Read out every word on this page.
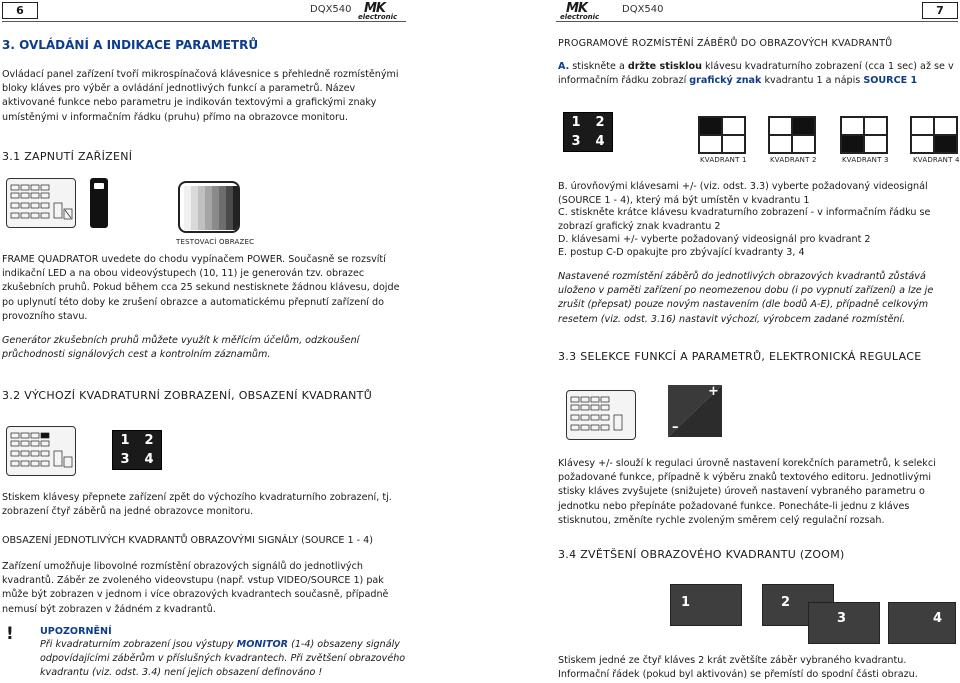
6	DQX540 MK
electronic
MK
electronic
DQX540	7
3. OVLÁDÁNÍ A INDIKACE PARAMETRŮ
Ovládací panel zařízení tvoří mikrospínačová klávesnice s přehledně rozmístěnými bloky kláves pro výběr a ovládání jednotlivých funkcí a parametrů. Název aktivované funkce nebo parametru je indikován textovými a grafickými znaky umístěnými v informačním řádku (pruhu) přímo na obrazovce monitoru.
3.1 ZAPNUTÍ ZAŘÍZENÍ
TESTOVACÍ OBRAZEC
FRAME QUADRATOR uvedete do chodu vypínačem POWER. Současně se rozsvítí indikační LED a na obou videovýstupech (10, 11) je generován tzv. obrazec zkušebních pruhů. Pokud během cca 25 sekund nestisknete žádnou klávesu, dojde po uplynutí této doby ke zrušení obrazce a automatickému přepnutí zařízení do provozního stavu.
Generátor zkušebních pruhů můžete využít k měřícím účelům, odzkoušení průchodnosti signálových cest a kontrolním záznamům.
3.2 VÝCHOZÍ KVADRATURNÍ ZOBRAZENÍ, OBSAZENÍ KVADRANTŮ
1	2
3	4
Stiskem klávesy přepnete zařízení zpět do výchozího kvadraturního zobrazení, tj. zobrazení čtyř záběrů na jedné obrazovce monitoru.
OBSAZENÍ JEDNOTLIVÝCH KVADRANTŮ OBRAZOVÝMI SIGNÁLY (SOURCE 1 - 4)
Zařízení umožňuje libovolné rozmístění obrazových signálů do jednotlivých kvadrantů. Záběr ze zvoleného videovstupu (např. vstup VIDEO/SOURCE 1) pak může být zobrazen v jednom i více obrazových kvadrantech současně, případně nemusí být zobrazen v žádném z kvadrantů.
!	UPOZORNĚNÍ
Při kvadraturním zobrazení jsou výstupy MONITOR (1-4) obsazeny signály odpovídajícími záběrům v příslušných kvadrantech. Při zvětšení obrazového kvadrantu (viz. odst. 3.4) není jejich obsazení definováno !
PROGRAMOVÉ ROZMÍSTĚNÍ ZÁBĚRŮ DO OBRAZOVÝCH KVADRANTŮ
A. stiskněte a držte stisklou klávesu kvadraturního zobrazení (cca 1 sec) až se v informačním řádku zobrazí grafický znak kvadrantu 1 a nápis SOURCE 1
1	2
3	4
KVADRANT 1	KVADRANT 2	KVADRANT 3	KVADRANT 4
B. úrovňovými klávesami +/- (viz. odst. 3.3) vyberte požadovaný videosignál (SOURCE 1 - 4), který má být umístěn v kvadrantu 1
C. stiskněte krátce klávesu kvadraturního zobrazení - v informačním řádku se zobrazí grafický znak kvadrantu 2
D. klávesami +/- vyberte požadovaný videosignál pro kvadrant 2
E. postup C-D opakujte pro zbývající kvadranty 3, 4
Nastavené rozmístění záběrů do jednotlivých obrazových kvadrantů zůstává uloženo v paměti zařízení po neomezenou dobu (i po vypnutí zařízení) a lze je zrušit (přepsat) pouze novým nastavením (dle bodů A-E), případně celkovým resetem (viz. odst. 3.16) nastavit výchozí, výrobcem zadané rozmístění.
3.3 SELEKCE FUNKCÍ A PARAMETRŮ, ELEKTRONICKÁ REGULACE
+
–
Klávesy +/- slouží k regulaci úrovně nastavení korekčních parametrů, k selekci požadované funkce, případně k výběru znaků textového editoru. Jednotlivými stisky kláves zvyšujete (snižujete) úroveň nastavení vybraného parametru o jednotku nebo přepínáte požadované funkce. Ponecháte-li jednu z kláves stisknutou, změníte rychle zvoleným směrem celý regulační rozsah.
3.4 ZVĚTŠENÍ OBRAZOVÉHO KVADRANTU (ZOOM)
1	2
3	4
Stiskem jedné ze čtyř kláves 2 krát zvětšíte záběr vybraného kvadrantu. Informační řádek (pokud byl aktivován) se přemístí do spodní části obrazu.
